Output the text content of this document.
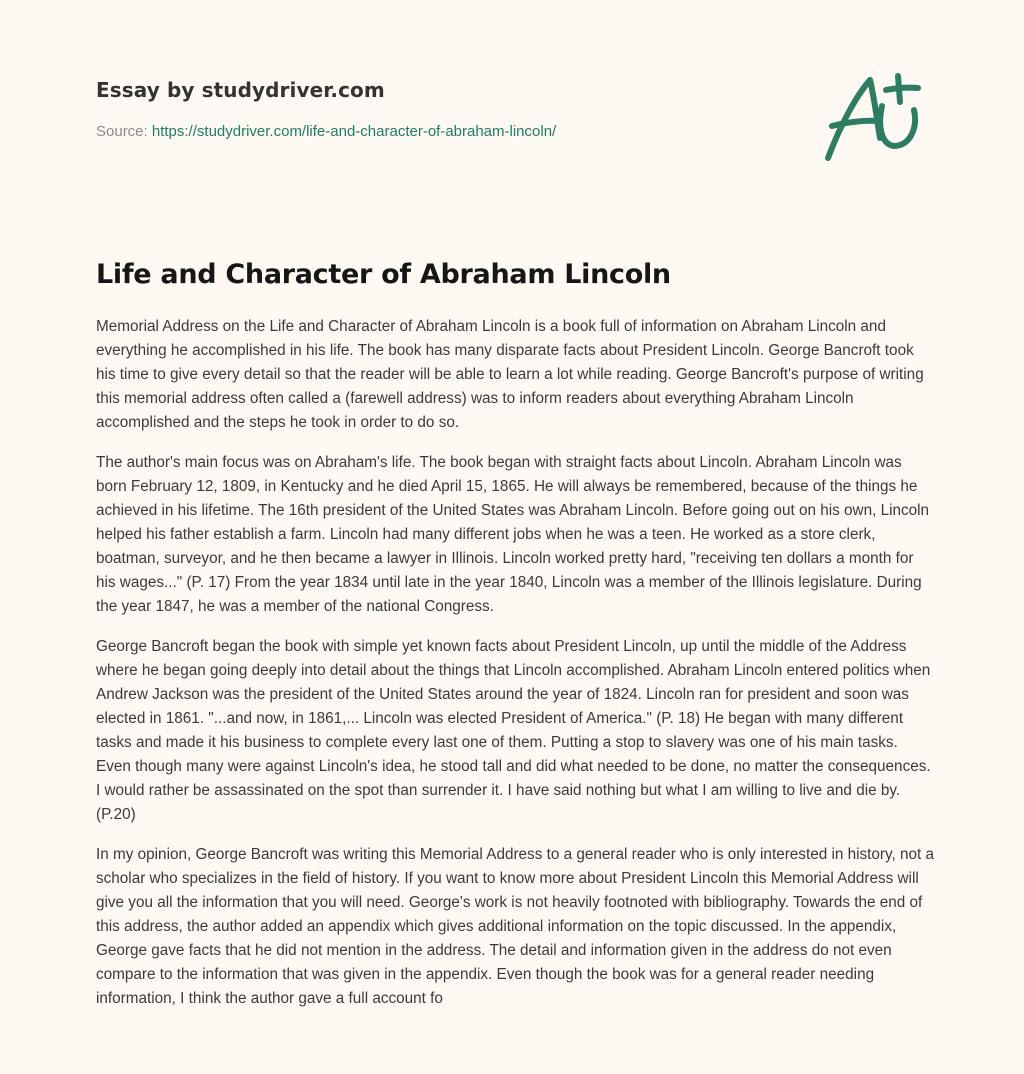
Essay by studydriver.com
Source: https://studydriver.com/life-and-character-of-abraham-lincoln/
Life and Character of Abraham Lincoln

Memorial Address on the Life and Character of Abraham Lincoln is a book full of information on Abraham Lincoln and everything he accomplished in his life. The book has many disparate facts about President Lincoln. George Bancroft took his time to give every detail so that the reader will be able to learn a lot while reading. George Bancroft's purpose of writing this memorial address often called a (farewell address) was to inform readers about everything Abraham Lincoln accomplished and the steps he took in order to do so.

The author's main focus was on Abraham's life. The book began with straight facts about Lincoln. Abraham Lincoln was born February 12, 1809, in Kentucky and he died April 15, 1865. He will always be remembered, because of the things he achieved in his lifetime. The 16th president of the United States was Abraham Lincoln. Before going out on his own, Lincoln helped his father establish a farm. Lincoln had many different jobs when he was a teen. He worked as a store clerk, boatman, surveyor, and he then became a lawyer in Illinois. Lincoln worked pretty hard, "receiving ten dollars a month for his wages..." (P. 17) From the year 1834 until late in the year 1840, Lincoln was a member of the Illinois legislature. During the year 1847, he was a member of the national Congress.

George Bancroft began the book with simple yet known facts about President Lincoln, up until the middle of the Address where he began going deeply into detail about the things that Lincoln accomplished. Abraham Lincoln entered politics when Andrew Jackson was the president of the United States around the year of 1824. Lincoln ran for president and soon was elected in 1861. "...and now, in 1861,... Lincoln was elected President of America." (P. 18) He began with many different tasks and made it his business to complete every last one of them. Putting a stop to slavery was one of his main tasks. Even though many were against Lincoln's idea, he stood tall and did what needed to be done, no matter the consequences. I would rather be assassinated on the spot than surrender it. I have said nothing but what I am willing to live and die by. (P.20)

In my opinion, George Bancroft was writing this Memorial Address to a general reader who is only interested in history, not a scholar who specializes in the field of history. If you want to know more about President Lincoln this Memorial Address will give you all the information that you will need. George's work is not heavily footnoted with bibliography. Towards the end of this address, the author added an appendix which gives additional information on the topic discussed. In the appendix, George gave facts that he did not mention in the address. The detail and information given in the address do not even compare to the information that was given in the appendix. Even though the book was for a general reader needing information, I think the author gave a full account fo
